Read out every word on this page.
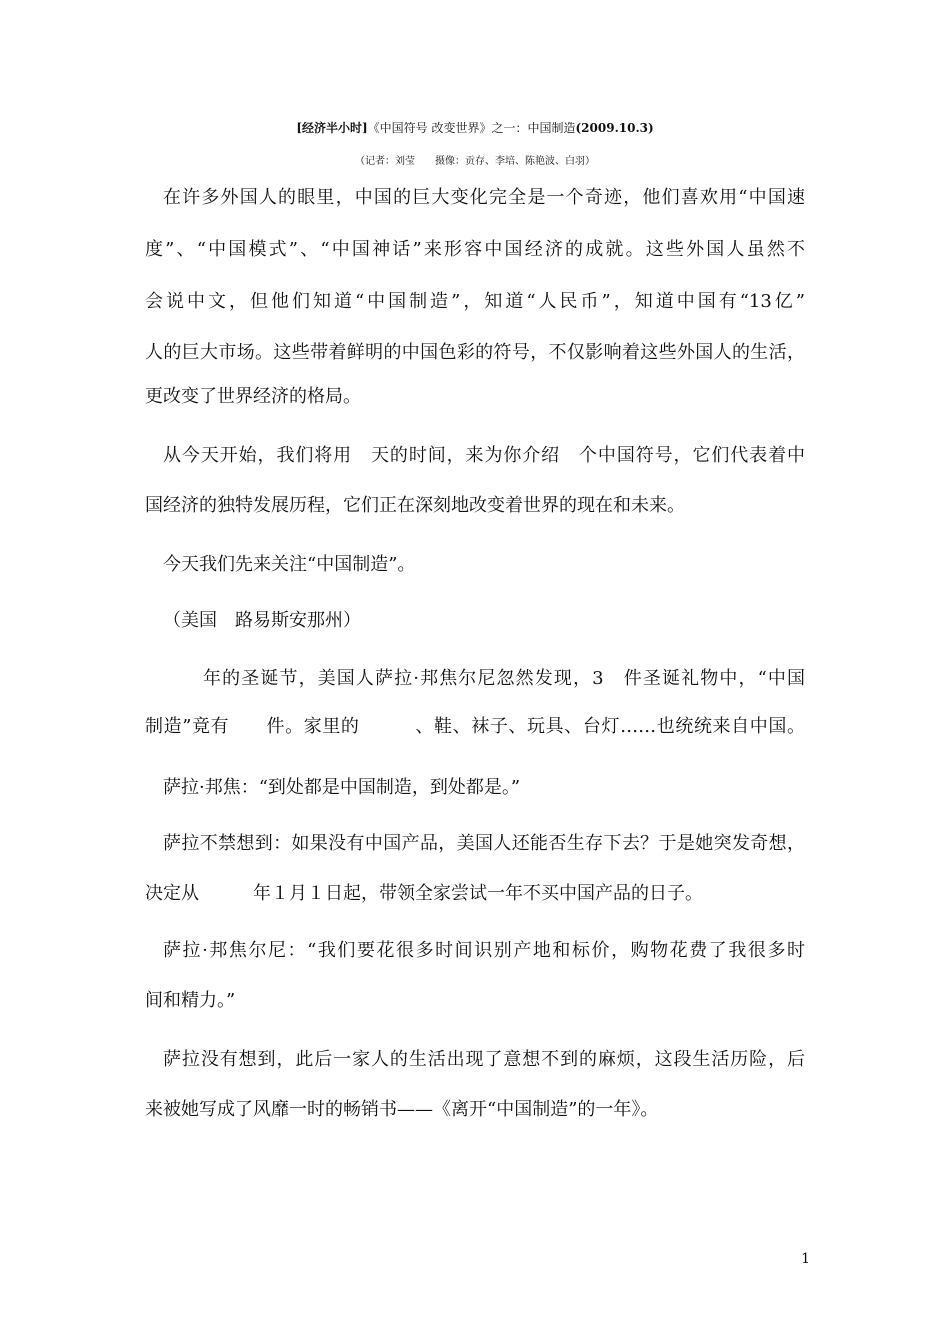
[经济半小时]《中国符号 改变世界》之一：中国制造(2009.10.3)
（记者：刘莹　　摄像：贡存、李培、陈艳波、白羽）
在许多外国人的眼里，中国的巨大变化完全是一个奇迹，他们喜欢用“中国速
度”、“中国模式”、“中国神话”来形容中国经济的成就。这些外国人虽然不
会说中文，但他们知道“中国制造”，知道“人民币”，知道中国有“13亿”
人的巨大市场。这些带着鲜明的中国色彩的符号，不仅影响着这些外国人的生活，
更改变了世界经济的格局。
从今天开始，我们将用　天的时间，来为你介绍　个中国符号，它们代表着中
国经济的独特发展历程，它们正在深刻地改变着世界的现在和未来。
今天我们先来关注“中国制造”。
（美国　路易斯安那州）
年的圣诞节，美国人萨拉·邦焦尔尼忽然发现，3　件圣诞礼物中，“中国
制造”竟有　　件。家里的　　　、鞋、袜子、玩具、台灯……也统统来自中国。
萨拉·邦焦：“到处都是中国制造，到处都是。”
萨拉不禁想到：如果没有中国产品，美国人还能否生存下去？于是她突发奇想，
决定从　　　年１月１日起，带领全家尝试一年不买中国产品的日子。
萨拉·邦焦尔尼：“我们要花很多时间识别产地和标价，购物花费了我很多时
间和精力。”
萨拉没有想到，此后一家人的生活出现了意想不到的麻烦，这段生活历险，后
来被她写成了风靡一时的畅销书——《离开“中国制造”的一年》。
1
